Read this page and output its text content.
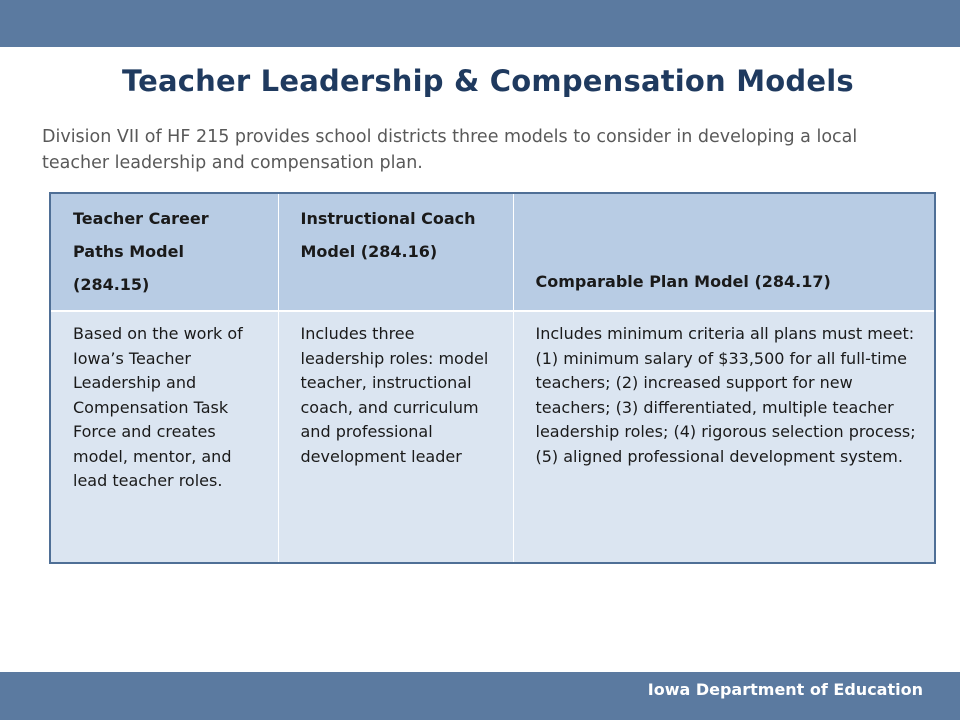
Teacher Leadership & Compensation Models

Division VII of HF 215 provides school districts three models to consider in developing a local teacher leadership and compensation plan.

Teacher Career Paths Model (284.15)	Instructional Coach Model (284.16)	Comparable Plan Model (284.17)
Based on the work of Iowa’s Teacher Leadership and Compensation Task Force and creates model, mentor, and lead teacher roles.	Includes three leadership roles: model teacher, instructional coach, and curriculum and professional development leader	Includes minimum criteria all plans must meet: (1) minimum salary of $33,500 for all full-time teachers; (2) increased support for new teachers; (3) differentiated, multiple teacher leadership roles; (4) rigorous selection process; (5) aligned professional development system.

Iowa Department of Education
